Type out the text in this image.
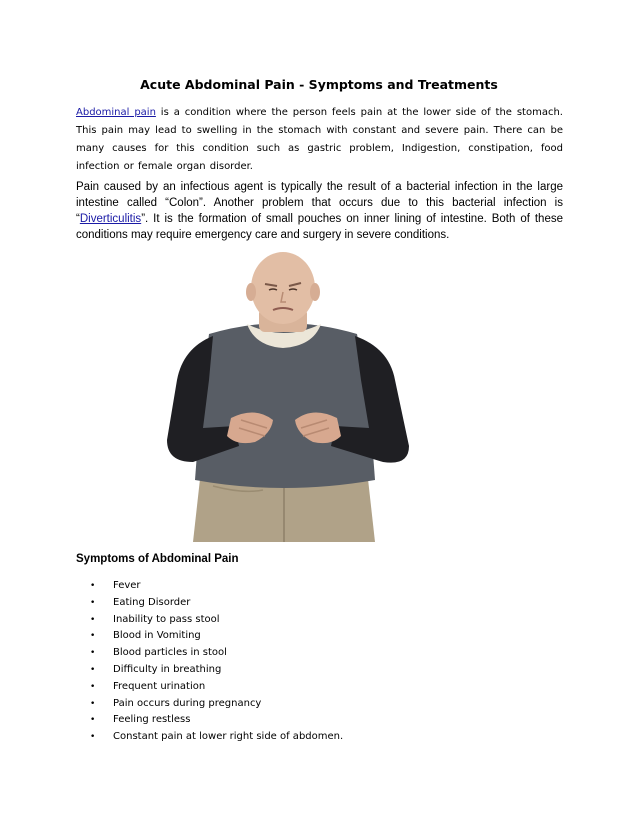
Acute Abdominal Pain - Symptoms and Treatments

Abdominal pain is a condition where the person feels pain at the lower side of the stomach. This pain may lead to swelling in the stomach with constant and severe pain. There can be many causes for this condition such as gastric problem, Indigestion, constipation, food infection or female organ disorder.

Pain caused by an infectious agent is typically the result of a bacterial infection in the large intestine called “Colon”. Another problem that occurs due to this bacterial infection is “Diverticulitis”. It is the formation of small pouches on inner lining of intestine. Both of these conditions may require emergency care and surgery in severe conditions.

Symptoms of Abdominal Pain
•	Fever
•	Eating Disorder
•	Inability to pass stool
•	Blood in Vomiting
•	Blood particles in stool
•	Difficulty in breathing
•	Frequent urination
•	Pain occurs during pregnancy
•	Feeling restless
•	Constant pain at lower right side of abdomen.
